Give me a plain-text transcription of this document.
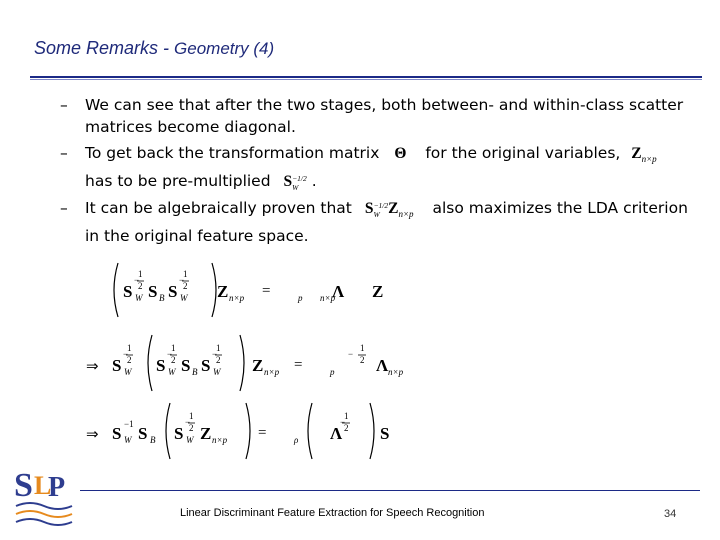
Some Remarks - Geometry (4)
– We can see that after the two stages, both between- and within-class scatter matrices become diagonal.
– To get back the transformation matrix Θ for the original variables, $Z_{n\times p}$
has to be pre-multiplied S −1/2
W .
– It can be algebraically proven that S −1/2
W $Z_{n\times p}$ also maximizes the LDA criterion in the original feature space.
S
−
1
2
W S B S
−
1
2
W Z n×p =	p n×p
Λ Z
⇒ S
−
1
2
W S
−
1
2
W S B S
−
1
2
W Z n×p =	p
−
1
2 Λ n×p
⇒ S −1
W S B S
−
1
2
W Z n×p =	ρ Λ
−
1
2 S
S L
P
Linear Discriminant Feature Extraction for Speech Recognition	34
